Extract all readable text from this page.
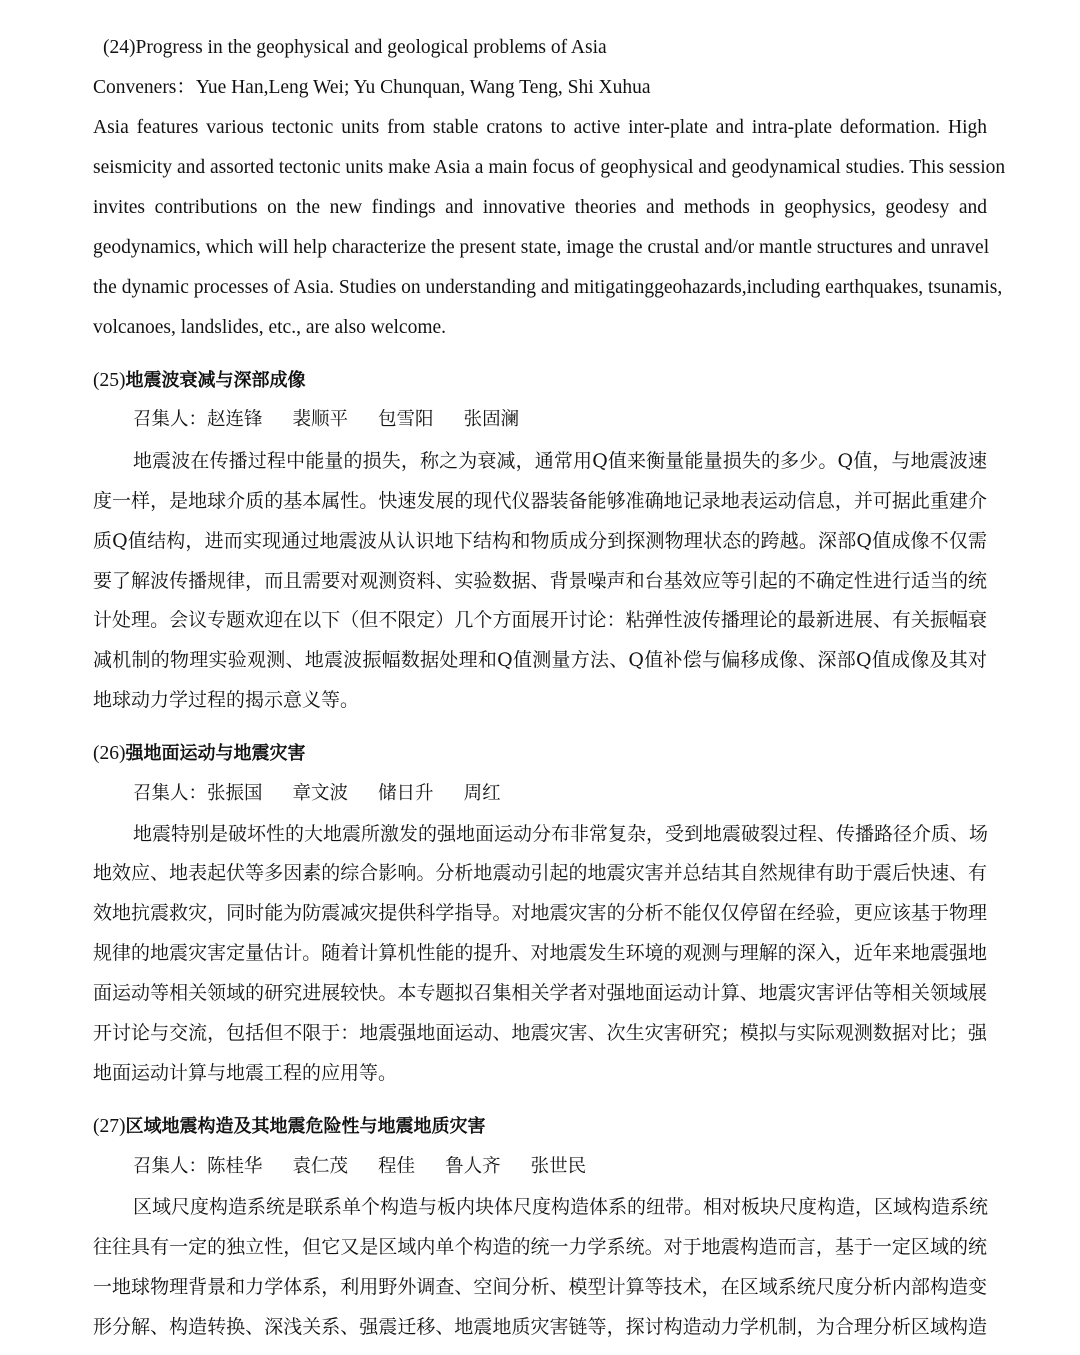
(24)Progress in the geophysical and geological problems of Asia
Conveners：Yue Han,Leng Wei; Yu Chunquan, Wang Teng, Shi Xuhua
Asia features various tectonic units from stable cratons to active inter-plate and intra-plate deformation. High
seismicity and assorted tectonic units make Asia a main focus of geophysical and geodynamical studies. This session
invites contributions on the new findings and innovative theories and methods in geophysics, geodesy and
geodynamics, which will help characterize the present state, image the crustal and/or mantle structures and unravel
the dynamic processes of Asia. Studies on understanding and mitigatinggeohazards,including earthquakes, tsunamis,
volcanoes, landslides, etc., are also welcome.
(25)地震波衰减与深部成像
召集人：赵连锋 裴顺平 包雪阳 张固澜
地震波在传播过程中能量的损失，称之为衰减，通常用Q值来衡量能量损失的多少。Q值，与地震波速
度一样，是地球介质的基本属性。快速发展的现代仪器装备能够准确地记录地表运动信息，并可据此重建介
质Q值结构，进而实现通过地震波从认识地下结构和物质成分到探测物理状态的跨越。深部Q值成像不仅需
要了解波传播规律，而且需要对观测资料、实验数据、背景噪声和台基效应等引起的不确定性进行适当的统
计处理。会议专题欢迎在以下（但不限定）几个方面展开讨论：粘弹性波传播理论的最新进展、有关振幅衰
减机制的物理实验观测、地震波振幅数据处理和Q值测量方法、Q值补偿与偏移成像、深部Q值成像及其对
地球动力学过程的揭示意义等。
(26)强地面运动与地震灾害
召集人：张振国 章文波 储日升 周红
地震特别是破坏性的大地震所激发的强地面运动分布非常复杂，受到地震破裂过程、传播路径介质、场
地效应、地表起伏等多因素的综合影响。分析地震动引起的地震灾害并总结其自然规律有助于震后快速、有
效地抗震救灾，同时能为防震减灾提供科学指导。对地震灾害的分析不能仅仅停留在经验，更应该基于物理
规律的地震灾害定量估计。随着计算机性能的提升、对地震发生环境的观测与理解的深入，近年来地震强地
面运动等相关领域的研究进展较快。本专题拟召集相关学者对强地面运动计算、地震灾害评估等相关领域展
开讨论与交流，包括但不限于：地震强地面运动、地震灾害、次生灾害研究；模拟与实际观测数据对比；强
地面运动计算与地震工程的应用等。
(27)区域地震构造及其地震危险性与地震地质灾害
召集人：陈桂华 袁仁茂 程佳 鲁人齐 张世民
区域尺度构造系统是联系单个构造与板内块体尺度构造体系的纽带。相对板块尺度构造，区域构造系统
往往具有一定的独立性，但它又是区域内单个构造的统一力学系统。对于地震构造而言，基于一定区域的统
一地球物理背景和力学体系，利用野外调查、空间分析、模型计算等技术，在区域系统尺度分析内部构造变
形分解、构造转换、深浅关系、强震迁移、地震地质灾害链等，探讨构造动力学机制，为合理分析区域构造
